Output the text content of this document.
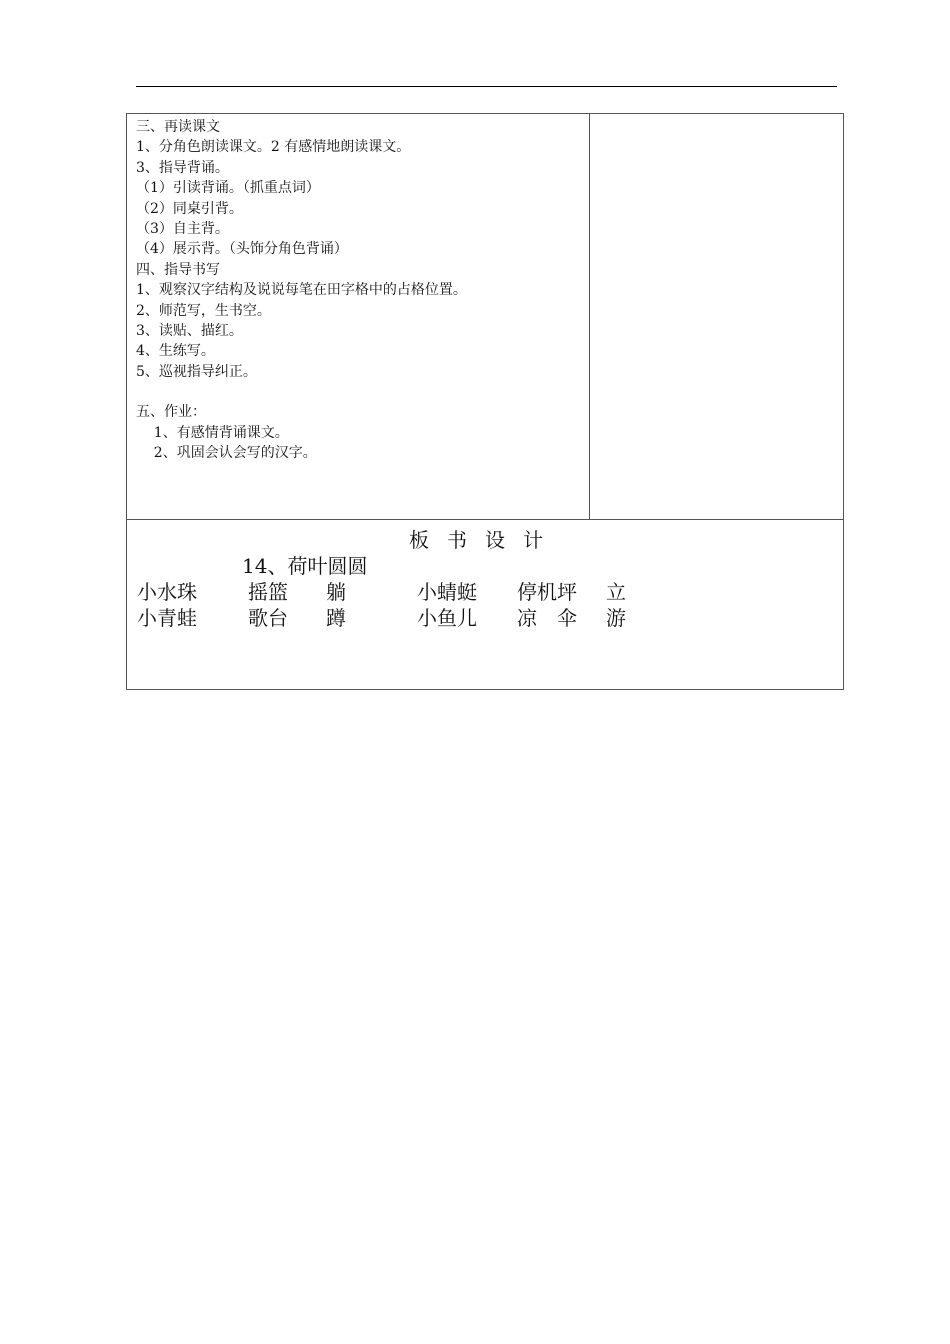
三、再读课文
1、分角色朗读课文。2 有感情地朗读课文。
3、指导背诵。
（1）引读背诵。（抓重点词）
（2）同桌引背。
（3）自主背。
（4）展示背。（头饰分角色背诵）
四、指导书写
1、观察汉字结构及说说每笔在田字格中的占格位置。
2、师范写，生书空。
3、读贴、描红。
4、生练写。
5、巡视指导纠正。
五、作业：
1、有感情背诵课文。
2、巩固会认会写的汉字。
板书设计
14、荷叶圆圆
小水珠	摇篮 躺	小蜻蜓 停机坪 立
小青蛙	歌台 蹲	小鱼儿 凉　伞 游
